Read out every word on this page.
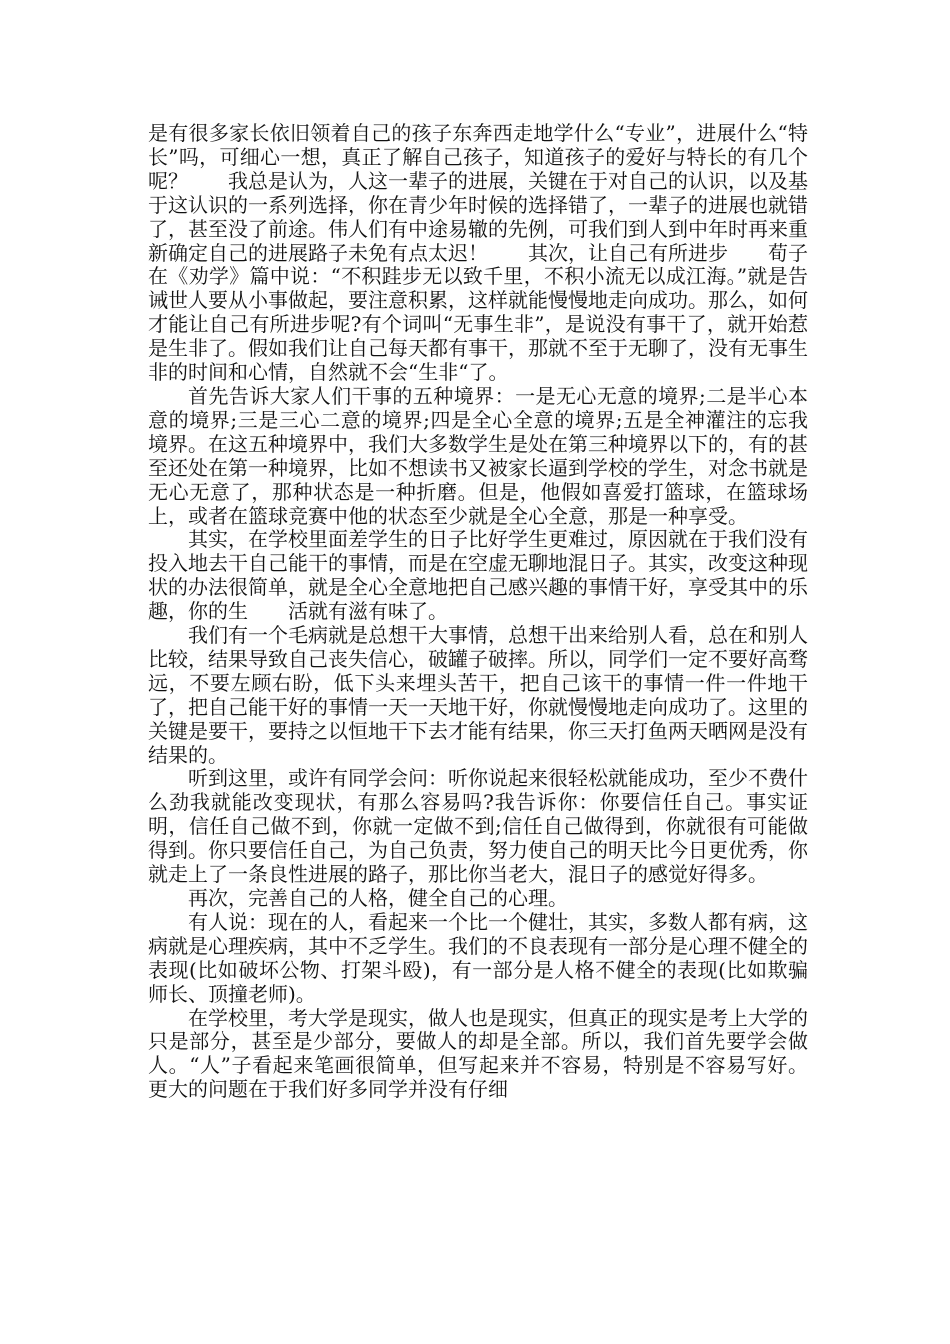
是有很多家长依旧领着自己的孩子东奔西走地学什么“专业”，进展什么“特长”吗，可细心一想，真正了解自己孩子，知道孩子的爱好与特长的有几个呢？　　我总是认为，人这一辈子的进展，关键在于对自己的认识，以及基于这认识的一系列选择，你在青少年时候的选择错了，一辈子的进展也就错了，甚至没了前途。伟人们有中途易辙的先例，可我们到人到中年时再来重新确定自己的进展路子未免有点太迟！　　其次，让自己有所进步　　荀子在《劝学》篇中说：“不积跬步无以致千里，不积小流无以成江海。”就是告诫世人要从小事做起，要注意积累，这样就能慢慢地走向成功。那么，如何才能让自己有所进步呢?有个词叫“无事生非”，是说没有事干了，就开始惹是生非了。假如我们让自己每天都有事干，那就不至于无聊了，没有无事生非的时间和心情，自然就不会“生非“了。

首先告诉大家人们干事的五种境界：一是无心无意的境界;二是半心本意的境界;三是三心二意的境界;四是全心全意的境界;五是全神灌注的忘我境界。在这五种境界中，我们大多数学生是处在第三种境界以下的，有的甚至还处在第一种境界，比如不想读书又被家长逼到学校的学生，对念书就是无心无意了，那种状态是一种折磨。但是，他假如喜爱打篮球，在篮球场上，或者在篮球竞赛中他的状态至少就是全心全意，那是一种享受。

其实，在学校里面差学生的日子比好学生更难过，原因就在于我们没有投入地去干自己能干的事情，而是在空虚无聊地混日子。其实，改变这种现状的办法很简单，就是全心全意地把自己感兴趣的事情干好，享受其中的乐趣，你的生　　活就有滋有味了。

我们有一个毛病就是总想干大事情，总想干出来给别人看，总在和别人比较，结果导致自己丧失信心，破罐子破摔。所以，同学们一定不要好高骛远，不要左顾右盼，低下头来埋头苦干，把自己该干的事情一件一件地干了，把自己能干好的事情一天一天地干好，你就慢慢地走向成功了。这里的关键是要干，要持之以恒地干下去才能有结果，你三天打鱼两天晒网是没有结果的。

听到这里，或许有同学会问：听你说起来很轻松就能成功，至少不费什么劲我就能改变现状，有那么容易吗?我告诉你：你要信任自己。事实证明，信任自己做不到，你就一定做不到;信任自己做得到，你就很有可能做得到。你只要信任自己，为自己负责，努力使自己的明天比今日更优秀，你就走上了一条良性进展的路子，那比你当老大，混日子的感觉好得多。

再次，完善自己的人格，健全自己的心理。

有人说：现在的人，看起来一个比一个健壮，其实，多数人都有病，这病就是心理疾病，其中不乏学生。我们的不良表现有一部分是心理不健全的表现(比如破坏公物、打架斗殴)，有一部分是人格不健全的表现(比如欺骗师长、顶撞老师)。

在学校里，考大学是现实，做人也是现实，但真正的现实是考上大学的只是部分，甚至是少部分，要做人的却是全部。所以，我们首先要学会做人。“人”子看起来笔画很简单，但写起来并不容易，特别是不容易写好。更大的问题在于我们好多同学并没有仔细
